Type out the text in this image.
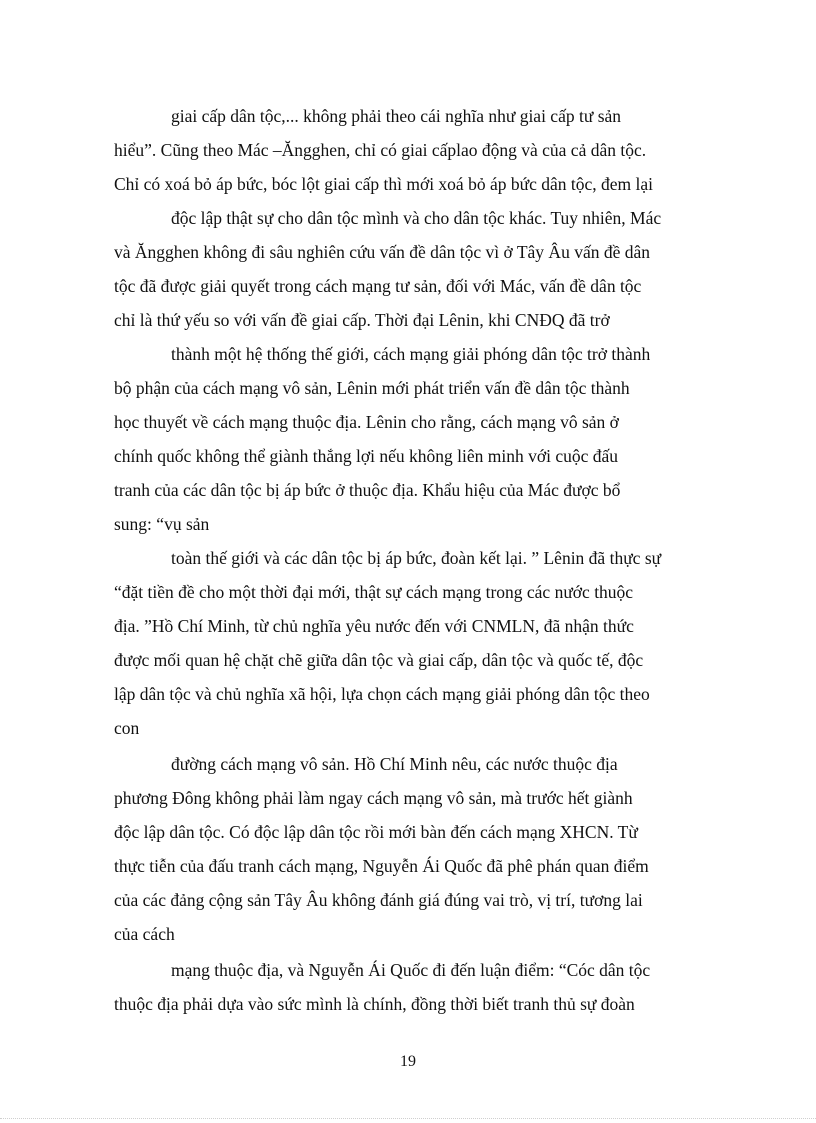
giai cấp dân tộc,... không phải theo cái nghĩa như giai cấp tư sản
hiểu”. Cũng theo Mác –Ăngghen, chỉ có giai cấplao động và của cả dân tộc.
Chỉ có xoá bỏ áp bức, bóc lột giai cấp thì mới xoá bỏ áp bức dân tộc, đem lại
độc lập thật sự cho dân tộc mình và cho dân tộc khác. Tuy nhiên, Mác
và Ăngghen không đi sâu nghiên cứu vấn đề dân tộc vì ở Tây Âu vấn đề dân
tộc đã được giải quyết trong cách mạng tư sản, đối với Mác, vấn đề dân tộc
chỉ là thứ yếu so với vấn đề giai cấp. Thời đại Lênin, khi CNĐQ đã trở
thành một hệ thống thế giới, cách mạng giải phóng dân tộc trở thành
bộ phận của cách mạng vô sản, Lênin mới phát triển vấn đề dân tộc thành
học thuyết về cách mạng thuộc địa. Lênin cho rằng, cách mạng vô sản ở
chính quốc không thể giành thắng lợi nếu không liên minh với cuộc đấu
tranh của các dân tộc bị áp bức ở thuộc địa. Khẩu hiệu của Mác được bổ
sung: “vụ sản
toàn thế giới và các dân tộc bị áp bức, đoàn kết lại. ” Lênin đã thực sự
“đặt tiền đề cho một thời đại mới, thật sự cách mạng trong các nước thuộc
địa. ”Hồ Chí Minh, từ chủ nghĩa yêu nước đến với CNMLN, đã nhận thức
được mối quan hệ chặt chẽ giữa dân tộc và giai cấp, dân tộc và quốc tế, độc
lập dân tộc và chủ nghĩa xã hội, lựa chọn cách mạng giải phóng dân tộc theo
con
đường cách mạng vô sản. Hồ Chí Minh nêu, các nước thuộc địa
phương Đông không phải làm ngay cách mạng vô sản, mà trước hết giành
độc lập dân tộc. Có độc lập dân tộc rồi mới bàn đến cách mạng XHCN. Từ
thực tiễn của đấu tranh cách mạng, Nguyễn Ái Quốc đã phê phán quan điểm
của các đảng cộng sản Tây Âu không đánh giá đúng vai trò, vị trí, tương lai
của cách
mạng thuộc địa, và Nguyễn Ái Quốc đi đến luận điểm: “Cóc dân tộc
thuộc địa phải dựa vào sức mình là chính, đồng thời biết tranh thủ sự đoàn
19
